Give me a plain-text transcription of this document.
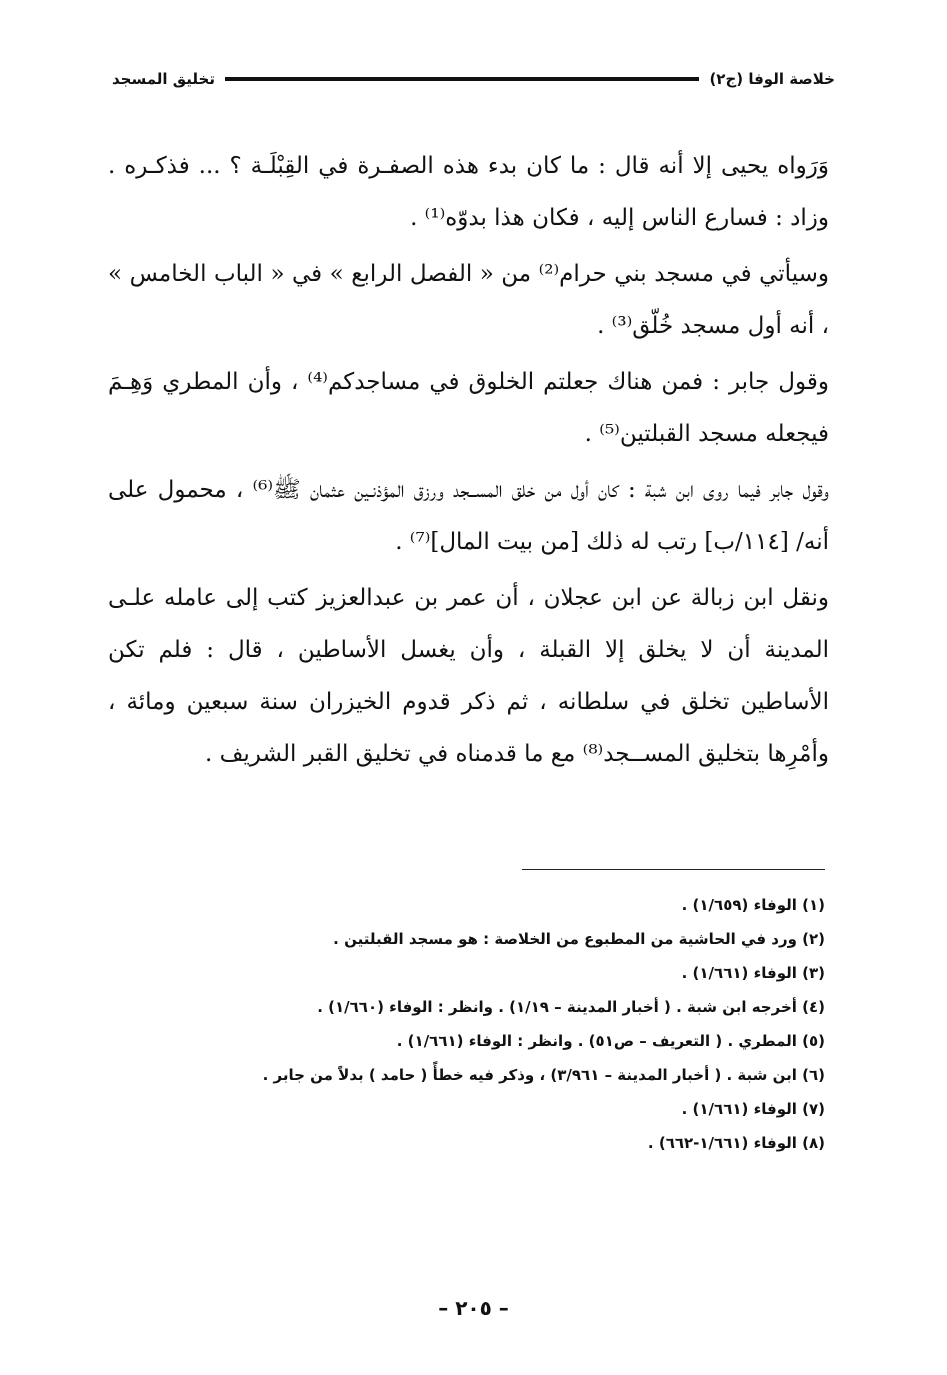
خلاصة الوفا (ج٢)
تخليق المسجد

وَرَواه يحيى إلا أنه قال : ما كان بدء هذه الصفـرة في القِبْلَـة ؟ ... فذكـره . وزاد : فسارع الناس إليه ، فكان هذا بدوّه⁽¹⁾ .

وسيأتي في مسجد بني حرام⁽²⁾ من « الفصل الرابع » في « الباب الخامس » ، أنه أول مسجد خُلّق⁽³⁾ .

وقول جابر : فمن هناك جعلتم الخلوق في مساجدكم⁽⁴⁾ ، وأن المطري وَهِـمَ فيجعله مسجد القبلتين⁽⁵⁾ .

وقول جابر فيما روى ابن شبة : كان أول من خلق المســجد ورزق المؤذنـين عثمان ﷺ⁽⁶⁾ ، محمول على أنه/ [١١٤/ب] رتب له ذلك [من بيت المال]⁽⁷⁾ .

ونقل ابن زبالة عن ابن عجلان ، أن عمر بن عبدالعزيز كتب إلى عامله علـى المدينة أن لا يخلق إلا القبلة ، وأن يغسل الأساطين ، قال : فلم تكن الأساطين تخلق في سلطانه ، ثم ذكر قدوم الخيزران سنة سبعين ومائة ، وأمْرِها بتخليق المســجد⁽⁸⁾ مع ما قدمناه في تخليق القبر الشريف .

(١) الوفاء (١/٦٥٩) .
(٢) ورد في الحاشية من المطبوع من الخلاصة : هو مسجد القبلتين .
(٣) الوفاء (١/٦٦١) .
(٤) أخرجه ابن شبة . ( أخبار المدينة – ١/١٩) . وانظر : الوفاء (١/٦٦٠) .
(٥) المطري . ( التعريف – ص٥١) . وانظر : الوفاء (١/٦٦١) .
(٦) ابن شبة . ( أخبار المدينة – ٣/٩٦١) ، وذكر فيه خطأً ( حامد ) بدلاً من جابر .
(٧) الوفاء (١/٦٦١) .
(٨) الوفاء (١/٦٦١-٦٦٢) .
– ٢٠٥ –
